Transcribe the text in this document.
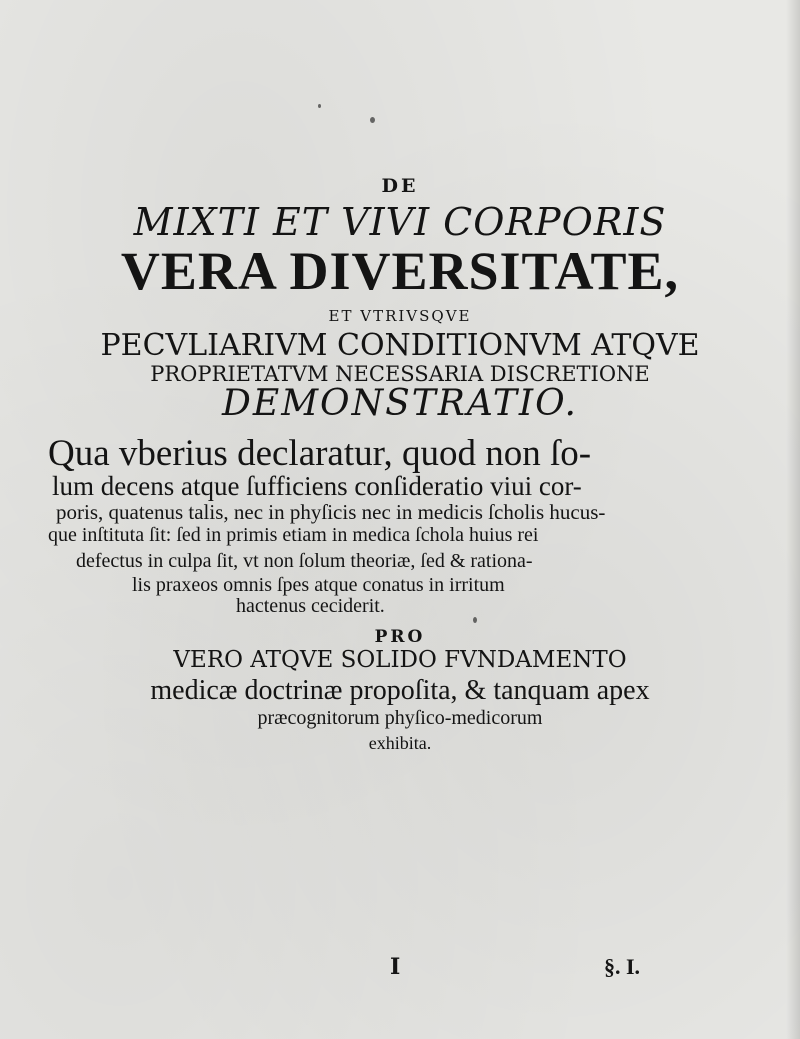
DE
MIXTI ET VIVI CORPORIS
VERA DIVERSITATE,
ET VTRIVSQVE
PECVLIARIVM CONDITIONVM ATQVE
PROPRIETATVM NECESSARIA DISCRETIONE
DEMONSTRATIO.
Qua vberius declaratur, quod non ſo-
lum decens atque ſufficiens conſideratio viui cor-
poris, quatenus talis, nec in phyſicis nec in medicis ſcholis hucus-
que inſtituta ſit: ſed in primis etiam in medica ſchola huius rei
defectus in culpa ſit, vt non ſolum theoriæ, ſed & rationa-
lis praxeos omnis ſpes atque conatus in irritum
hactenus ceciderit.
PRO
VERO ATQVE SOLIDO FVNDAMENTO
medicæ doctrinæ propoſita, & tanquam apex
præcognitorum phyſico-medicorum
exhibita.
I	§. I.
